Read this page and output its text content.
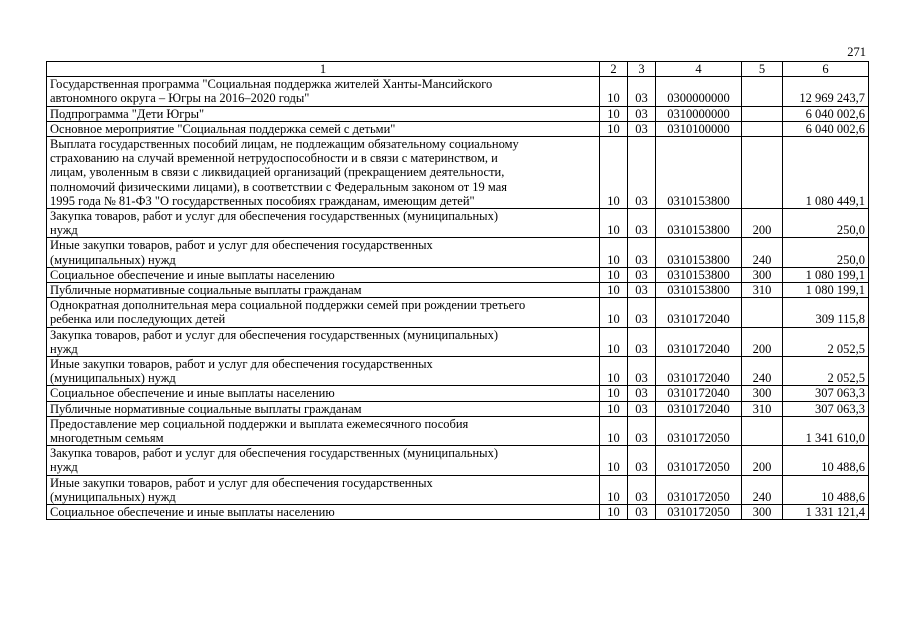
271
1	2	3	4	5	6

Государственная программа "Социальная поддержка жителей Ханты-Мансийского
автономного округа – Югры на 2016–2020 годы"	10	03	0300000000		12 969 243,7

Подпрограмма "Дети Югры"	10	03	0310000000		6 040 002,6

Основное мероприятие "Социальная поддержка семей с детьми"	10	03	0310100000		6 040 002,6

Выплата государственных пособий лицам, не подлежащим обязательному социальному
страхованию на случай временной нетрудоспособности и в связи с материнством, и
лицам, уволенным в связи с ликвидацией организаций (прекращением деятельности,
полномочий физическими лицами), в соответствии с Федеральным законом от 19 мая
1995 года № 81-ФЗ "О государственных пособиях гражданам, имеющим детей"	10	03	0310153800		1 080 449,1

Закупка товаров, работ и услуг для обеспечения государственных (муниципальных)
нужд	10	03	0310153800	200	250,0

Иные закупки товаров, работ и услуг для обеспечения государственных
(муниципальных) нужд	10	03	0310153800	240	250,0

Социальное обеспечение и иные выплаты населению	10	03	0310153800	300	1 080 199,1

Публичные нормативные социальные выплаты гражданам	10	03	0310153800	310	1 080 199,1

Однократная дополнительная мера социальной поддержки семей при рождении третьего
ребенка или последующих детей	10	03	0310172040		309 115,8

Закупка товаров, работ и услуг для обеспечения государственных (муниципальных)
нужд	10	03	0310172040	200	2 052,5

Иные закупки товаров, работ и услуг для обеспечения государственных
(муниципальных) нужд	10	03	0310172040	240	2 052,5

Социальное обеспечение и иные выплаты населению	10	03	0310172040	300	307 063,3

Публичные нормативные социальные выплаты гражданам	10	03	0310172040	310	307 063,3

Предоставление мер социальной поддержки и выплата ежемесячного пособия
многодетным семьям	10	03	0310172050		1 341 610,0

Закупка товаров, работ и услуг для обеспечения государственных (муниципальных)
нужд	10	03	0310172050	200	10 488,6

Иные закупки товаров, работ и услуг для обеспечения государственных
(муниципальных) нужд	10	03	0310172050	240	10 488,6

Социальное обеспечение и иные выплаты населению	10	03	0310172050	300	1 331 121,4
